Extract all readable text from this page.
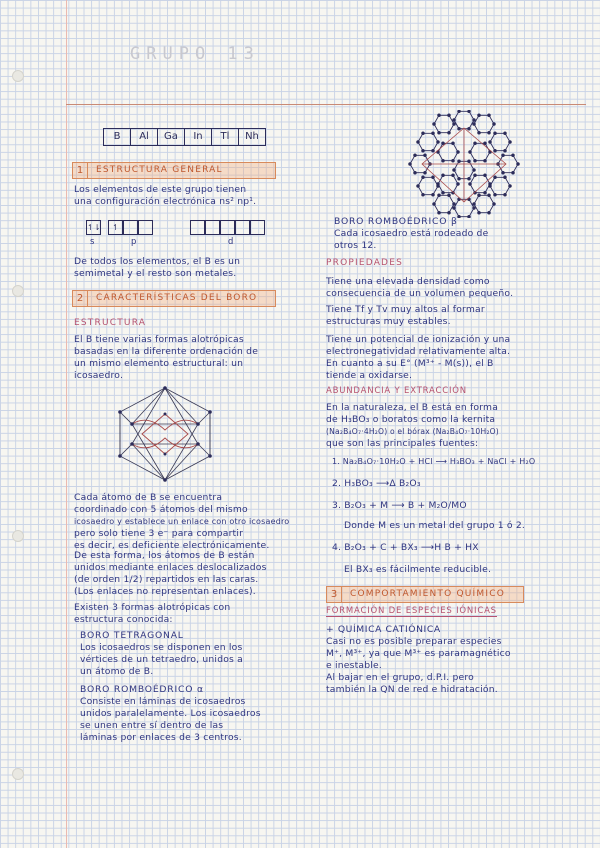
GRUPO 13
B	Al	Ga	In	Tl	Nh
1	ESTRUCTURA GENERAL
Los elementos de este grupo tienen
una configuración electrónica ns² np¹.
↿⇂	↿
s	p	d
De todos los elementos, el B es un
semimetal y el resto son metales.
2	CARACTERÍSTICAS DEL BORO
ESTRUCTURA
El B tiene varias formas alotrópicas
basadas en la diferente ordenación de
un mismo elemento estructural: un
icosaedro.
Cada átomo de B se encuentra
coordinado con 5 átomos del mismo
icosaedro y establece un enlace con otro icosaedro
pero solo tiene 3 e⁻ para compartir
es decir, es deficiente electrónicamente.
De esta forma, los átomos de B están
unidos mediante enlaces deslocalizados
(de orden 1/2) repartidos en las caras.
(Los enlaces no representan enlaces).
Existen 3 formas alotrópicas con
estructura conocida:
BORO TETRAGONAL
Los icosaedros se disponen en los
vértices de un tetraedro, unidos a
un átomo de B.
BORO ROMBOÉDRICO α
Consiste en láminas de icosaedros
unidos paralelamente. Los icosaedros
se unen entre sí dentro de las
láminas por enlaces de 3 centros.
BORO ROMBOÉDRICO β
Cada icosaedro está rodeado de
otros 12.
PROPIEDADES
Tiene una elevada densidad como
consecuencia de un volumen pequeño.
Tiene Tf y Tv muy altos al formar
estructuras muy estables.
Tiene un potencial de ionización y una
electronegatividad relativamente alta.
En cuanto a su E° (M³⁺ - M(s)), el B
tiende a oxidarse.
ABUNDANCIA Y EXTRACCIÓN
En la naturaleza, el B está en forma
de H₃BO₃ o boratos como la kernita
(Na₂B₄O₇·4H₂O) o el bórax (Na₂B₄O₇·10H₂O)
que son las principales fuentes:
1. Na₂B₄O₇·10H₂O + HCl ⟶ H₃BO₃ + NaCl + H₂O
2. H₃BO₃ ⟶Δ B₂O₃
3. B₂O₃ + M ⟶ B + M₂O/MO
Donde M es un metal del grupo 1 ó 2.
4. B₂O₃ + C + BX₃ ⟶H B + HX
El BX₃ es fácilmente reducible.
3	COMPORTAMIENTO QUÍMICO
FORMACIÓN DE ESPECIES IÓNICAS
+ QUÍMICA CATIÓNICA
Casi no es posible preparar especies
M⁺, M³⁺, ya que M³⁺ es paramagnético
e inestable.
Al bajar en el grupo, d.P.I. pero
también la QN de red e hidratación.
